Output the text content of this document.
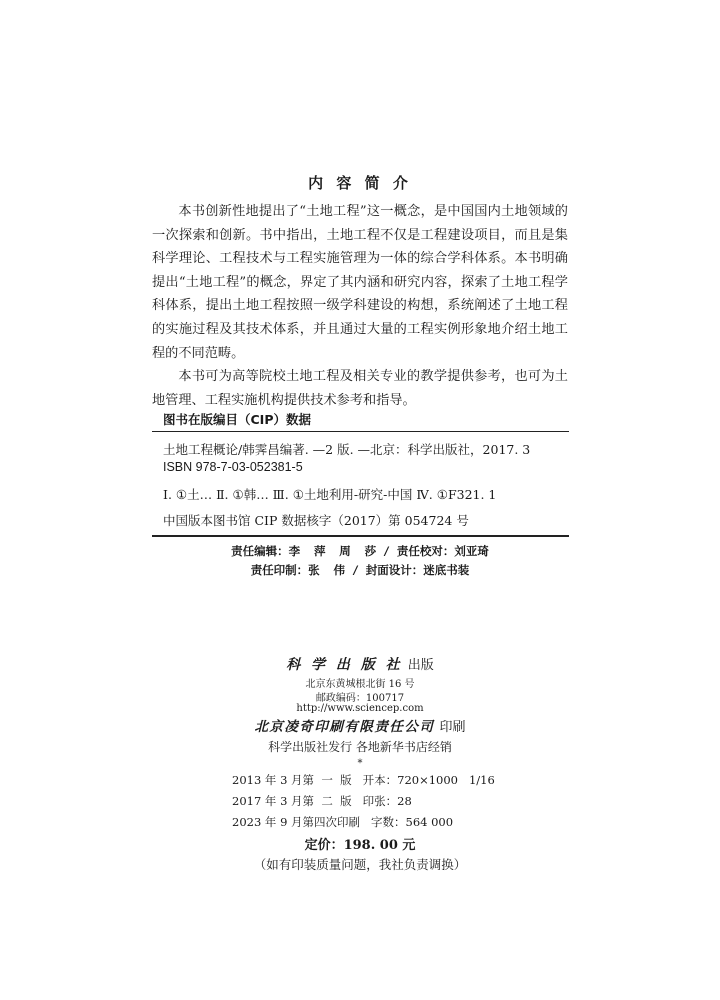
内 容 简 介

本书创新性地提出了“土地工程”这一概念，是中国国内土地领域的一次探索和创新。书中指出，土地工程不仅是工程建设项目，而且是集科学理论、工程技术与工程实施管理为一体的综合学科体系。本书明确提出“土地工程”的概念，界定了其内涵和研究内容，探索了土地工程学科体系，提出土地工程按照一级学科建设的构想，系统阐述了土地工程的实施过程及其技术体系，并且通过大量的工程实例形象地介绍土地工程的不同范畴。

本书可为高等院校土地工程及相关专业的教学提供参考，也可为土地管理、工程实施机构提供技术参考和指导。

图书在版编目（CIP）数据
土地工程概论/韩霁昌编著. —2 版. —北京：科学出版社，2017. 3
ISBN 978-7-03-052381-5
Ⅰ. ①土… Ⅱ. ①韩… Ⅲ. ①土地利用-研究-中国 Ⅳ. ①F321. 1
中国版本图书馆 CIP 数据核字（2017）第 054724 号
责任编辑：李  萍  周  莎 / 责任校对：刘亚琦
责任印制：张  伟 / 封面设计：迷底书装
科 学 出 版 社 出版
北京东黄城根北街 16 号
邮政编码：100717
http://www.sciencep.com
北京凌奇印刷有限责任公司 印刷
科学出版社发行 各地新华书店经销
*
2013 年 3 月第  一  版   开本：720×1000   1/16
2017 年 3 月第  二  版   印张：28
2023 年 9 月第四次印刷   字数：564 000
定价：198. 00 元
（如有印装质量问题，我社负责调换）
